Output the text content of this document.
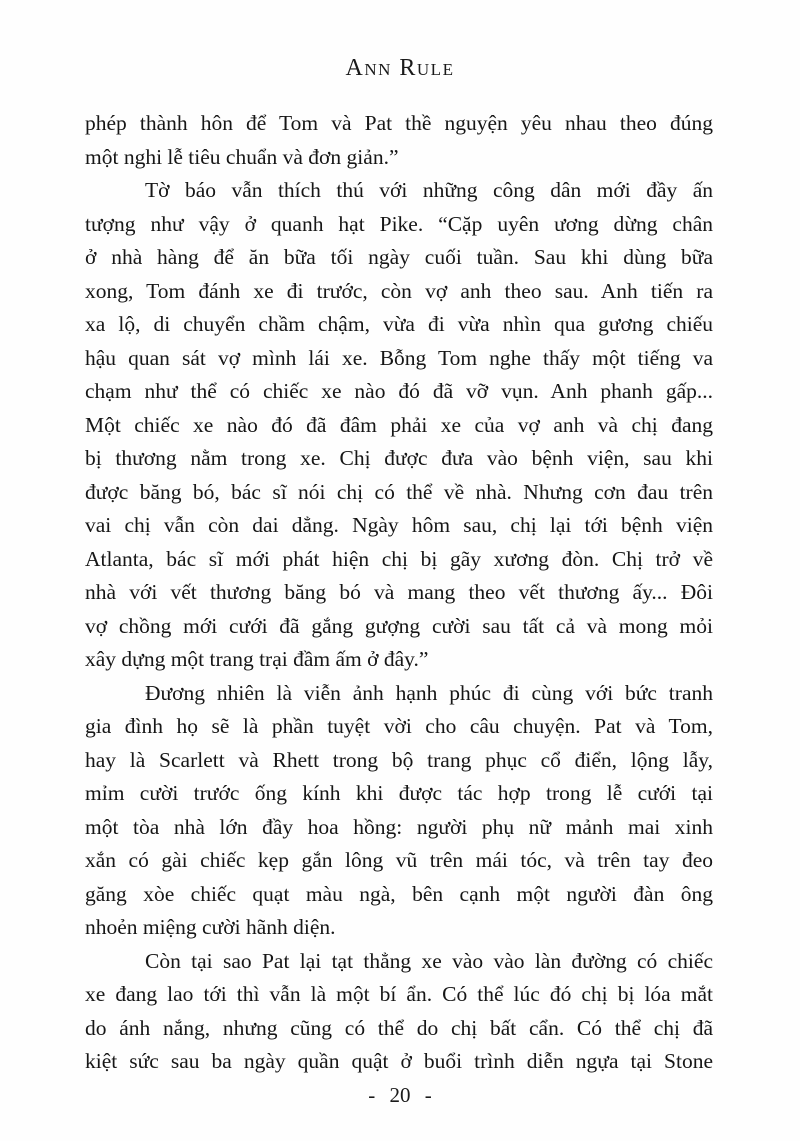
Ann Rule
phép thành hôn để Tom và Pat thề nguyện yêu nhau theo đúng
một nghi lễ tiêu chuẩn và đơn giản.”
Tờ báo vẫn thích thú với những công dân mới đầy ấn
tượng như vậy ở quanh hạt Pike. “Cặp uyên ương dừng chân
ở nhà hàng để ăn bữa tối ngày cuối tuần. Sau khi dùng bữa
xong, Tom đánh xe đi trước, còn vợ anh theo sau. Anh tiến ra
xa lộ, di chuyển chầm chậm, vừa đi vừa nhìn qua gương chiếu
hậu quan sát vợ mình lái xe. Bỗng Tom nghe thấy một tiếng va
chạm như thể có chiếc xe nào đó đã vỡ vụn. Anh phanh gấp...
Một chiếc xe nào đó đã đâm phải xe của vợ anh và chị đang
bị thương nằm trong xe. Chị được đưa vào bệnh viện, sau khi
được băng bó, bác sĩ nói chị có thể về nhà. Nhưng cơn đau trên
vai chị vẫn còn dai dẳng. Ngày hôm sau, chị lại tới bệnh viện
Atlanta, bác sĩ mới phát hiện chị bị gãy xương đòn. Chị trở về
nhà với vết thương băng bó và mang theo vết thương ấy... Đôi
vợ chồng mới cưới đã gắng gượng cười sau tất cả và mong mỏi
xây dựng một trang trại đầm ấm ở đây.”
Đương nhiên là viễn ảnh hạnh phúc đi cùng với bức tranh
gia đình họ sẽ là phần tuyệt vời cho câu chuyện. Pat và Tom,
hay là Scarlett và Rhett trong bộ trang phục cổ điển, lộng lẫy,
mỉm cười trước ống kính khi được tác hợp trong lễ cưới tại
một tòa nhà lớn đầy hoa hồng: người phụ nữ mảnh mai xinh
xắn có gài chiếc kẹp gắn lông vũ trên mái tóc, và trên tay đeo
găng xòe chiếc quạt màu ngà, bên cạnh một người đàn ông
nhoẻn miệng cười hãnh diện.
Còn tại sao Pat lại tạt thẳng xe vào vào làn đường có chiếc
xe đang lao tới thì vẫn là một bí ẩn. Có thể lúc đó chị bị lóa mắt
do ánh nắng, nhưng cũng có thể do chị bất cẩn. Có thể chị đã
kiệt sức sau ba ngày quần quật ở buổi trình diễn ngựa tại Stone
- 20 -
